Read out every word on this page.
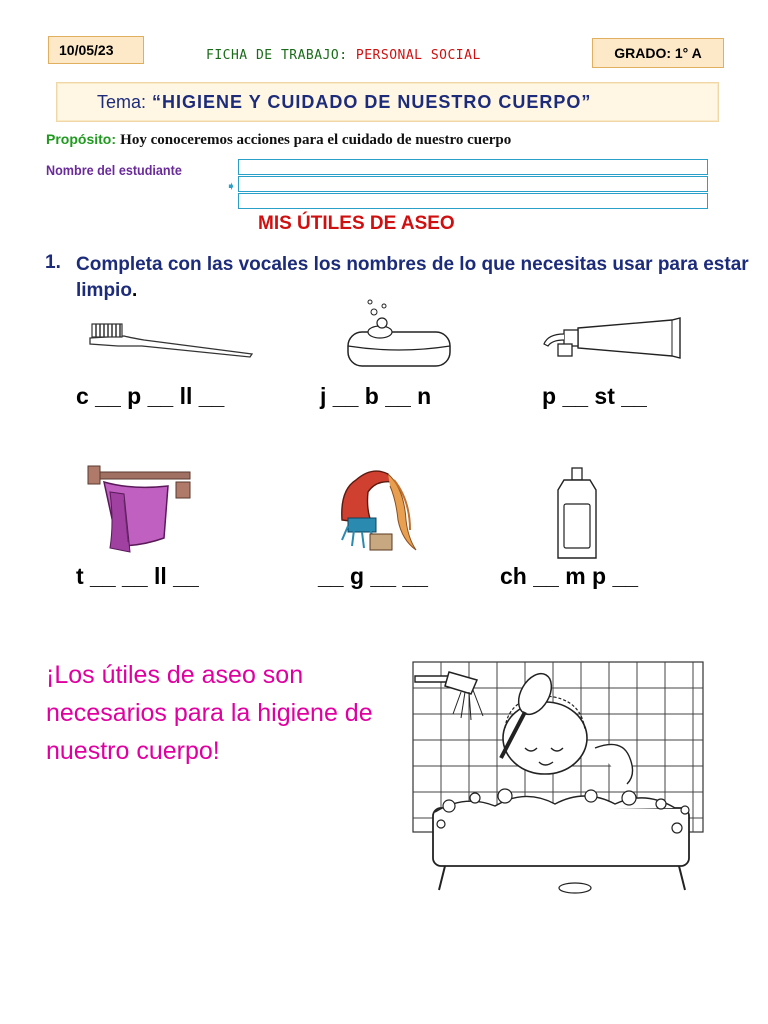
10/05/23	FICHA DE TRABAJO: PERSONAL SOCIAL	GRADO: 1° A
Tema: “HIGIENE Y CUIDADO DE NUESTRO CUERPO”
Propósito: Hoy conoceremos acciones para el cuidado de nuestro cuerpo
Nombre del estudiante
➧
MIS ÚTILES DE ASEO
1. Completa con las vocales los nombres de lo que necesitas usar para estar limpio.
c __ p __ ll __	j __ b __ n	p __ st __
t __ __ ll __	__ g __ __	ch __ m p __
¡Los útiles de aseo son necesarios para la higiene de nuestro cuerpo!
